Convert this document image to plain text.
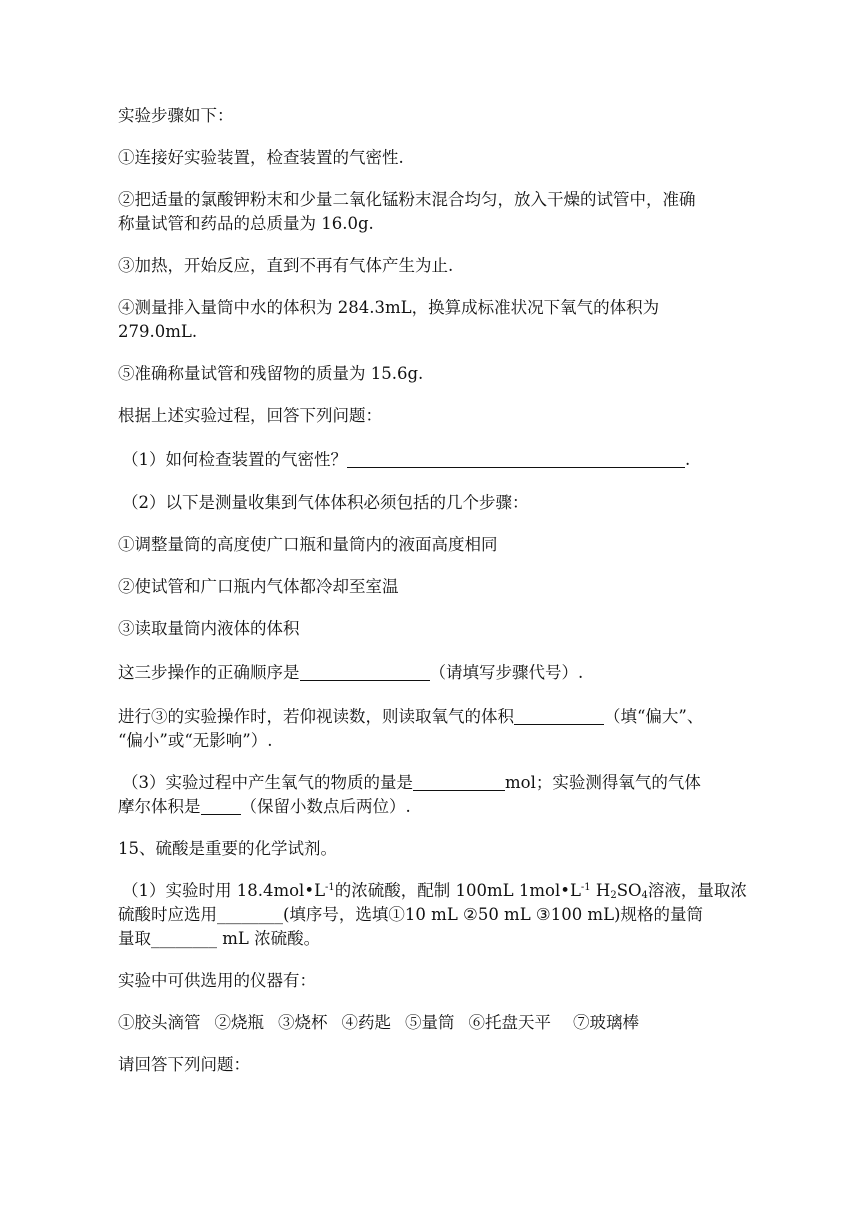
实验步骤如下：
①连接好实验装置，检查装置的气密性.
②把适量的氯酸钾粉末和少量二氧化锰粉末混合均匀，放入干燥的试管中，准确
称量试管和药品的总质量为 16.0g.
③加热，开始反应，直到不再有气体产生为止.
④测量排入量筒中水的体积为 284.3mL，换算成标准状况下氧气的体积为
279.0mL.
⑤准确称量试管和残留物的质量为 15.6g.
根据上述实验过程，回答下列问题：
（1）如何检查装置的气密性？	.
（2）以下是测量收集到气体体积必须包括的几个步骤：
①调整量筒的高度使广口瓶和量筒内的液面高度相同
②使试管和广口瓶内气体都冷却至室温
③读取量筒内液体的体积
这三步操作的正确顺序是	（请填写步骤代号）.
进行③的实验操作时，若仰视读数，则读取氧气的体积	（填“偏大”、
“偏小”或“无影响”）.
（3）实验过程中产生氧气的物质的量是	mol；实验测得氧气的气体
摩尔体积是 （保留小数点后两位）.
15、硫酸是重要的化学试剂。
（1）实验时用 $18.4mol•L^{-1}$的浓硫酸，配制 100mL $1mol•L^{-1}$ $H_2SO_4$溶液，量取浓
硫酸时应选用________(填序号，选填①10 mL ②50 mL ③100 mL)规格的量筒
量取________ mL 浓硫酸。
实验中可供选用的仪器有：
①胶头滴管 ②烧瓶 ③烧杯 ④药匙 ⑤量筒 ⑥托盘天平 ⑦玻璃棒
请回答下列问题：
